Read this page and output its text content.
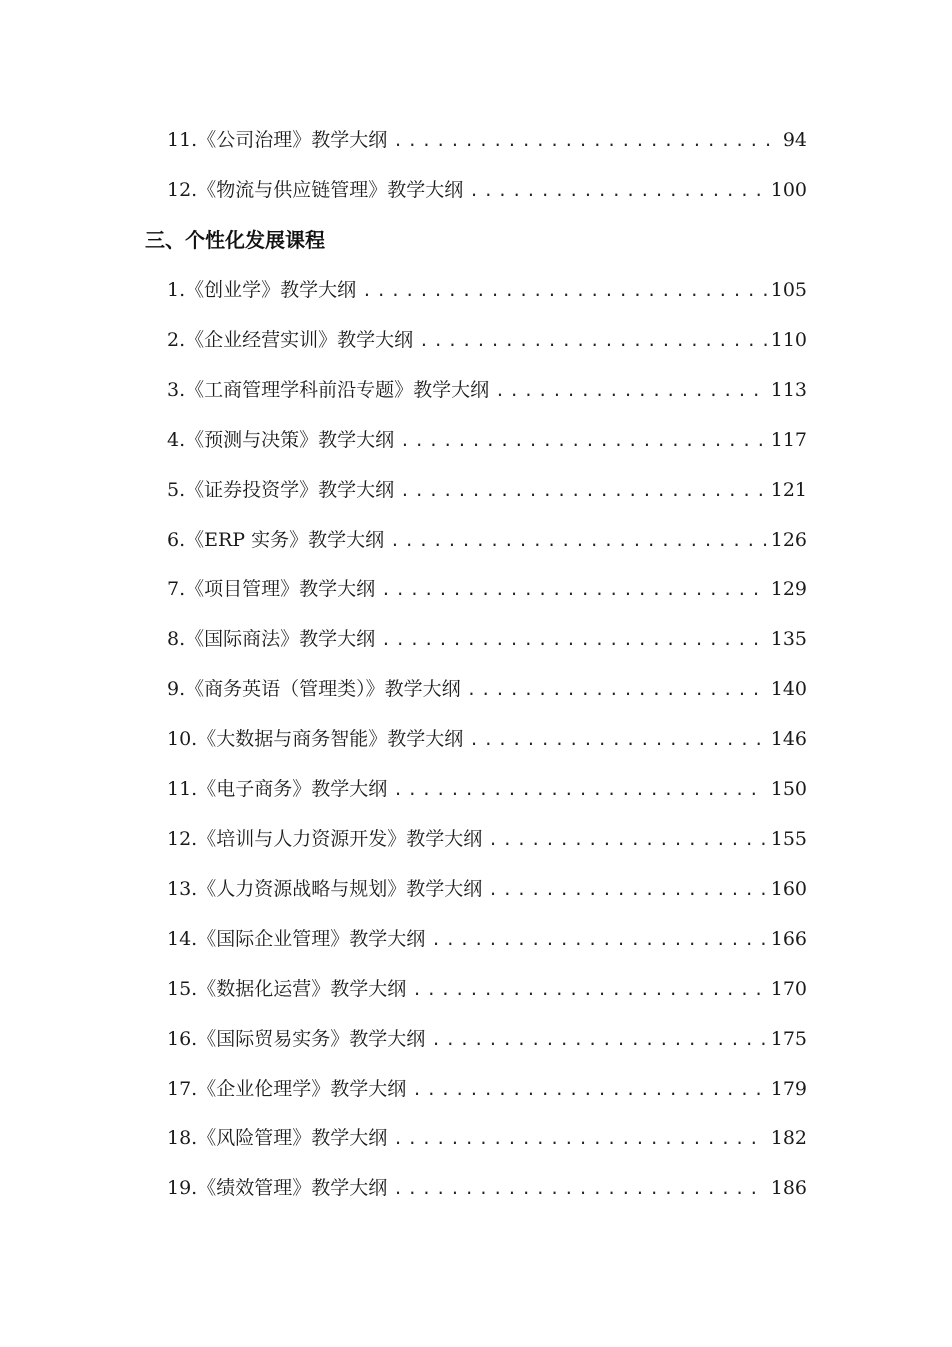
11.《公司治理》教学大纲 .....	94
12.《物流与供应链管理》教学大纲 .....	100
三、个性化发展课程
1.《创业学》教学大纲 .....	105
2.《企业经营实训》教学大纲 .....	110
3.《工商管理学科前沿专题》教学大纲 .....	113
4.《预测与决策》教学大纲 .....	117
5.《证券投资学》教学大纲 .....	121
6.《ERP 实务》教学大纲 .....	126
7.《项目管理》教学大纲 .....	129
8.《国际商法》教学大纲 .....	135
9.《商务英语（管理类）》教学大纲 .....	140
10.《大数据与商务智能》教学大纲 .....	146
11.《电子商务》教学大纲 .....	150
12.《培训与人力资源开发》教学大纲 .....	155
13.《人力资源战略与规划》教学大纲 .....	160
14.《国际企业管理》教学大纲 .....	166
15.《数据化运营》教学大纲 .....	170
16.《国际贸易实务》教学大纲 .....	175
17.《企业伦理学》教学大纲 .....	179
18.《风险管理》教学大纲 .....	182
19.《绩效管理》教学大纲 .....	186
